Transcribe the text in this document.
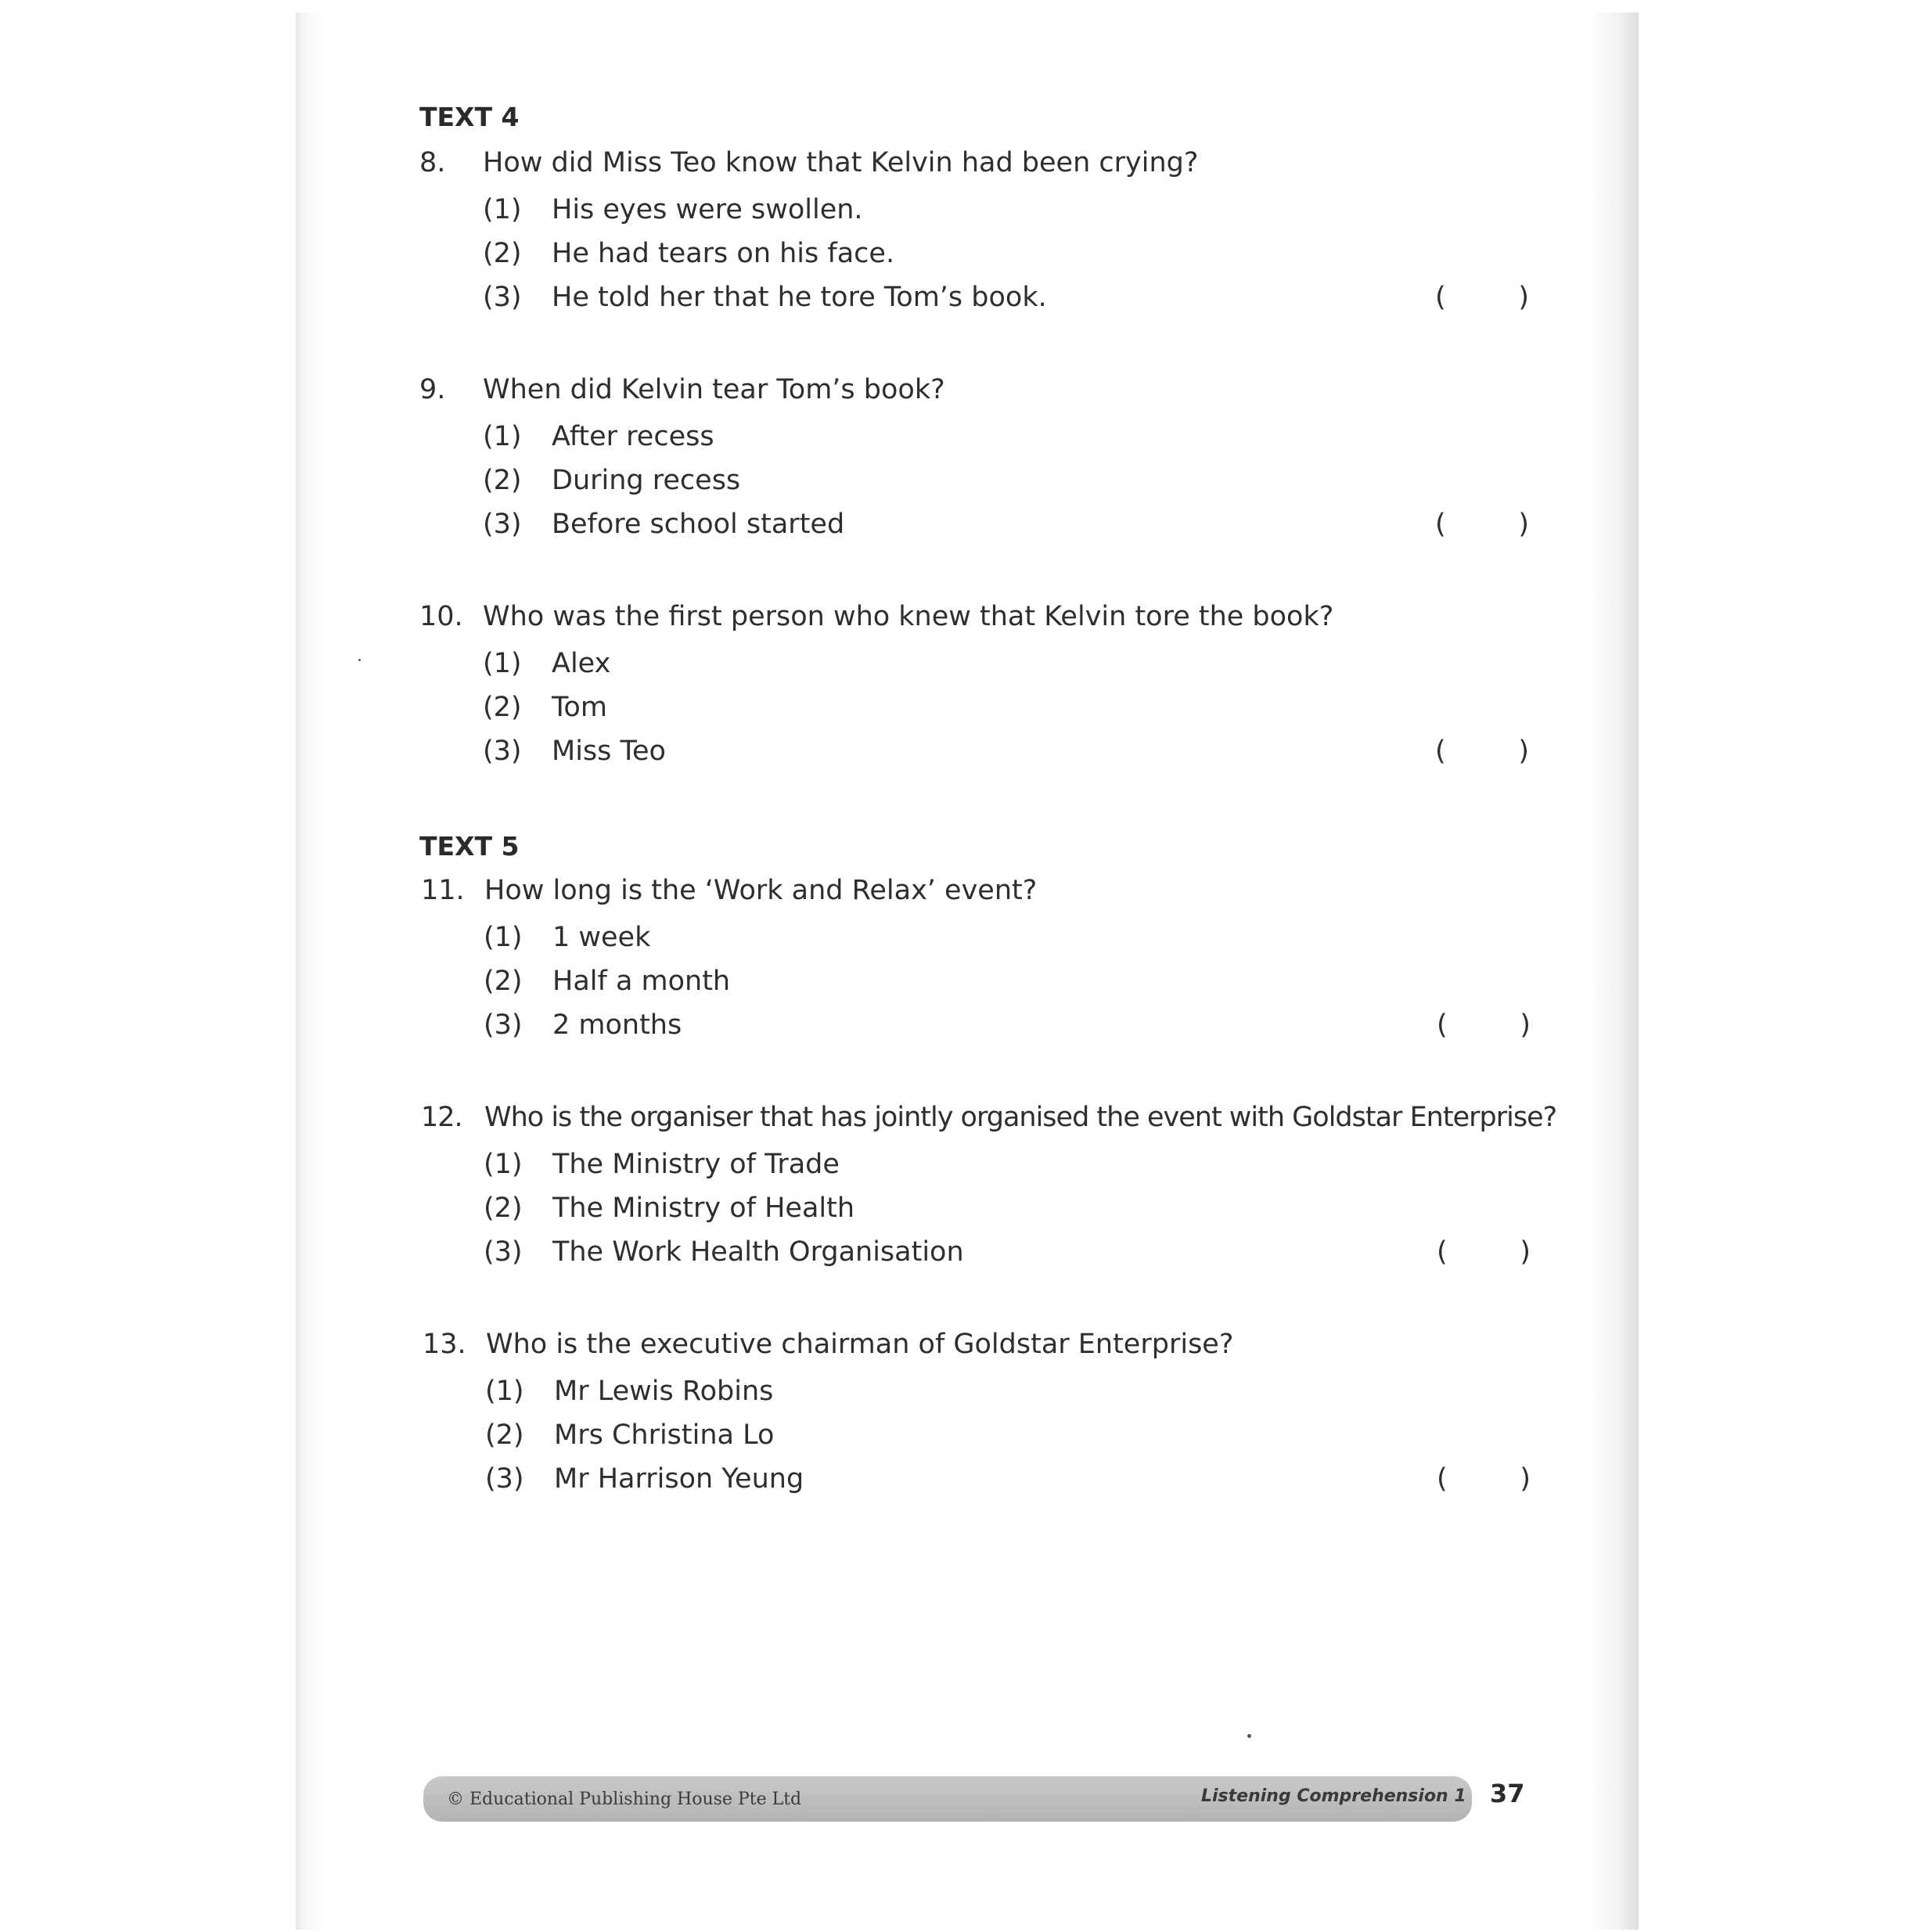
TEXT 4
8. How did Miss Teo know that Kelvin had been crying?
(1) His eyes were swollen.
(2) He had tears on his face.
(3) He told her that he tore Tom’s book.	(	)
9. When did Kelvin tear Tom’s book?
(1) After recess
(2) During recess
(3) Before school started	(	)
10. Who was the first person who knew that Kelvin tore the book?
(1) Alex
(2) Tom
(3) Miss Teo	(	)
TEXT 5
11. How long is the ‘Work and Relax’ event?
(1) 1 week
(2) Half a month
(3) 2 months	(	)
12. Who is the organiser that has jointly organised the event with Goldstar Enterprise?
(1) The Ministry of Trade
(2) The Ministry of Health
(3) The Work Health Organisation	(	)
13. Who is the executive chairman of Goldstar Enterprise?
(1) Mr Lewis Robins
(2) Mrs Christina Lo
(3) Mr Harrison Yeung	(	)
© Educational Publishing House Pte Ltd	Listening Comprehension 1 37
